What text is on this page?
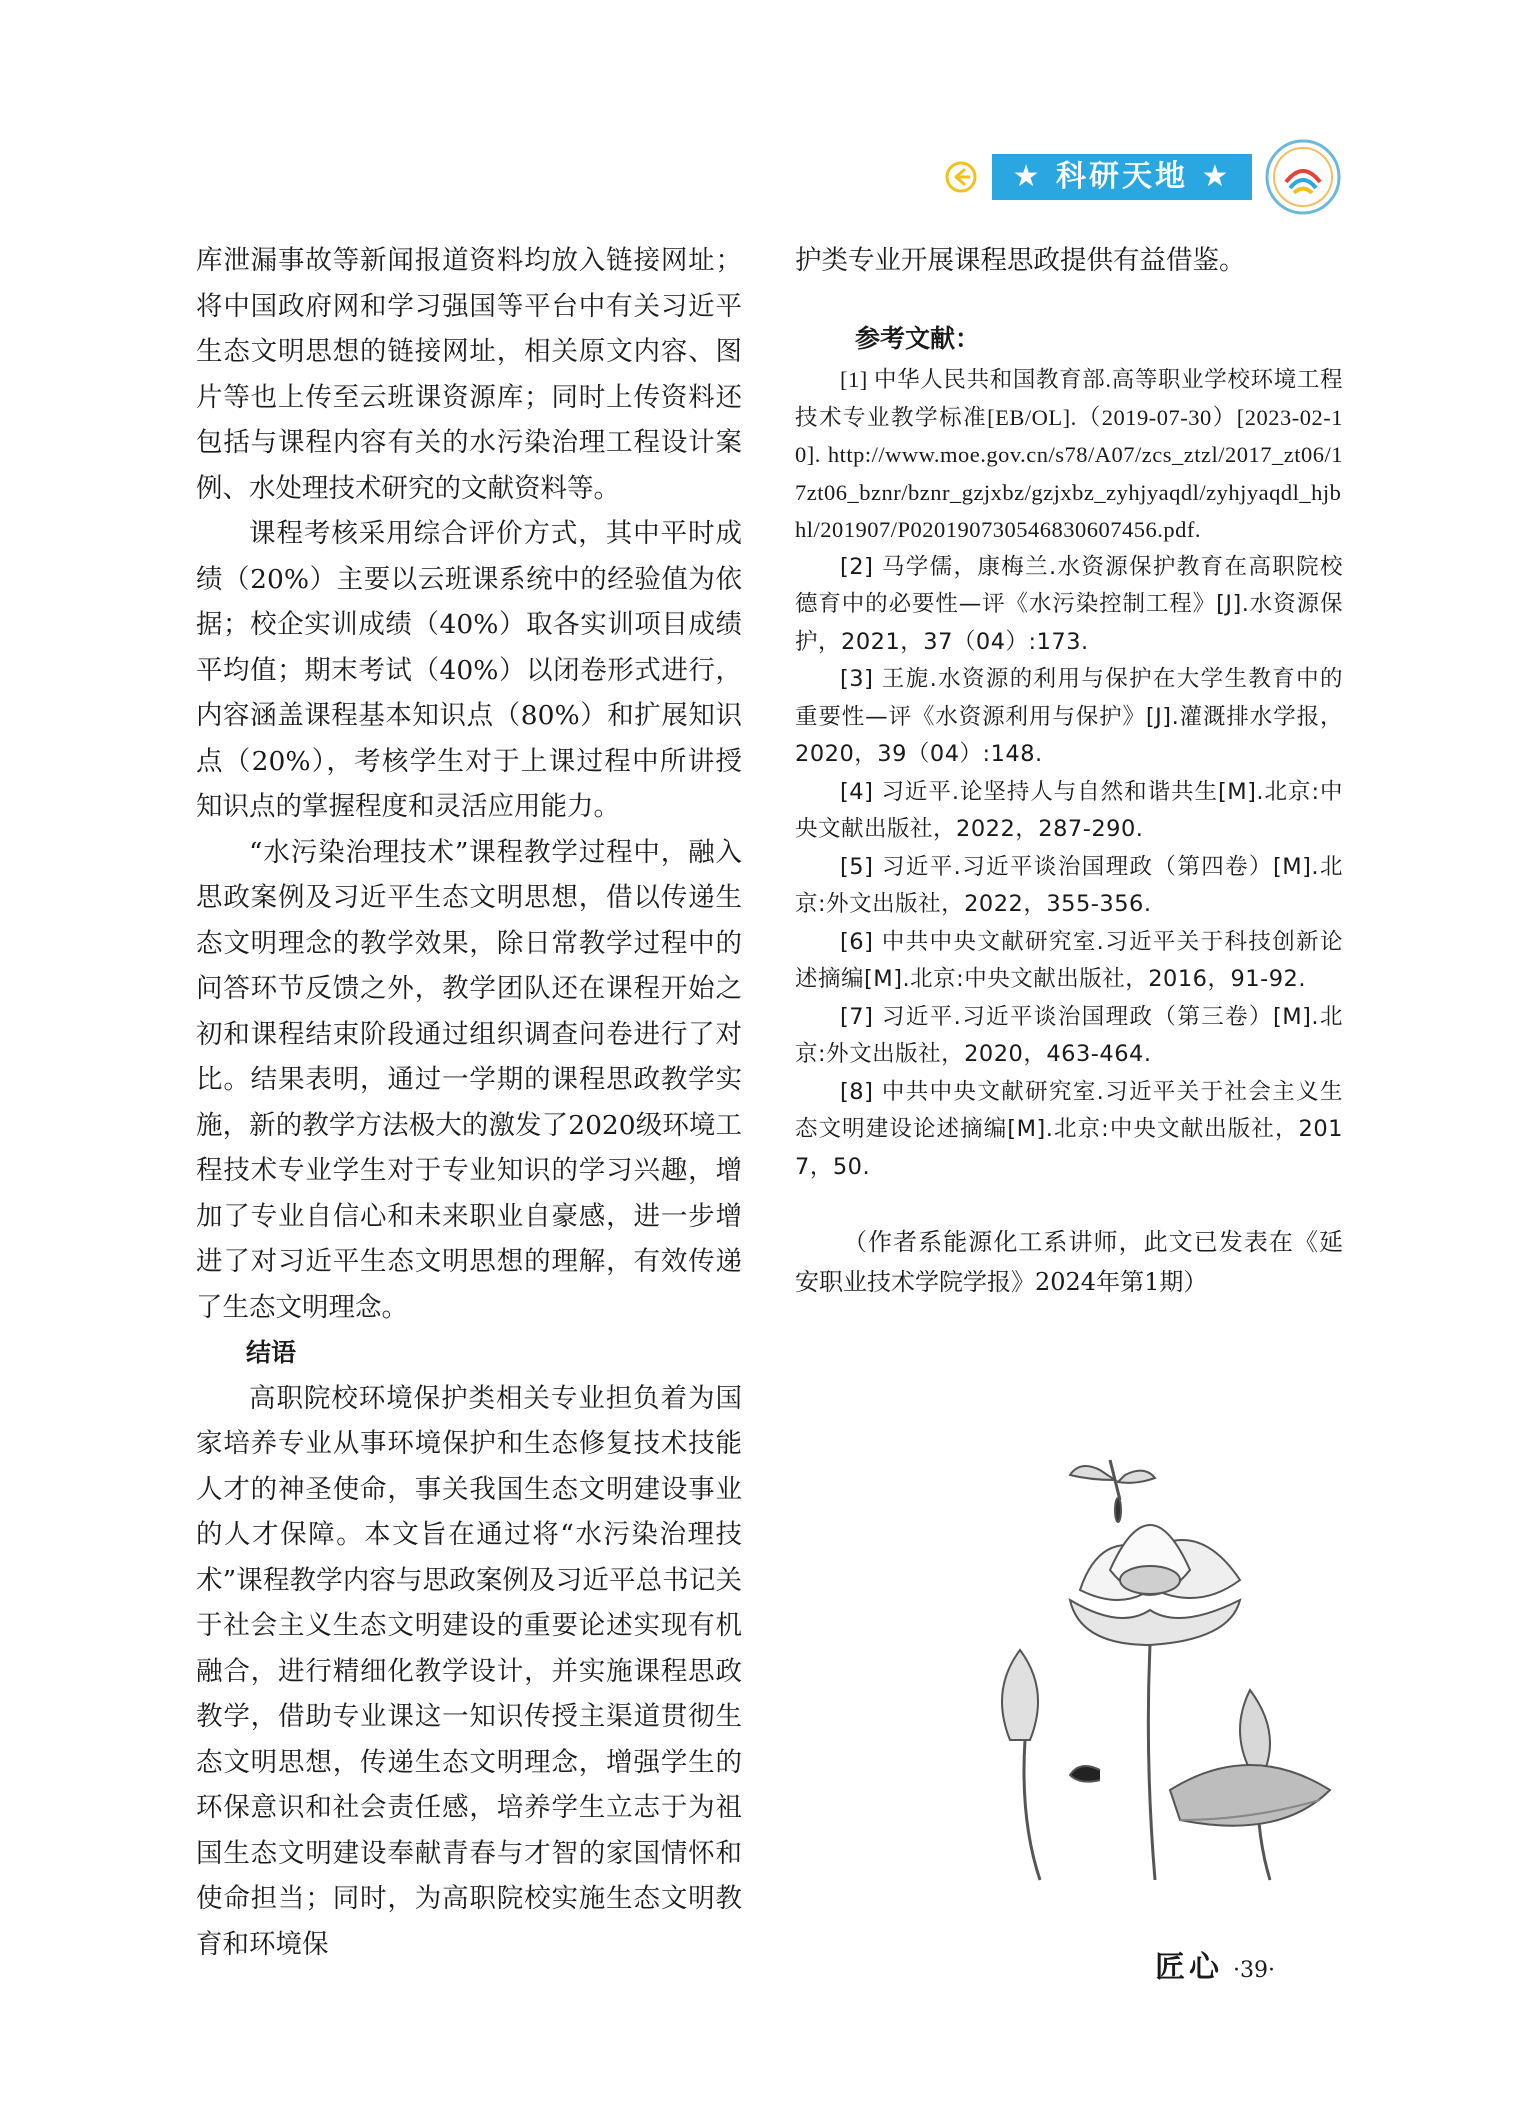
★ 科研天地 ★

库泄漏事故等新闻报道资料均放入链接网址；将中国政府网和学习强国等平台中有关习近平生态文明思想的链接网址，相关原文内容、图片等也上传至云班课资源库；同时上传资料还包括与课程内容有关的水污染治理工程设计案例、水处理技术研究的文献资料等。

课程考核采用综合评价方式，其中平时成绩（20%）主要以云班课系统中的经验值为依据；校企实训成绩（40%）取各实训项目成绩平均值；期末考试（40%）以闭卷形式进行，内容涵盖课程基本知识点（80%）和扩展知识点（20%），考核学生对于上课过程中所讲授知识点的掌握程度和灵活应用能力。

“水污染治理技术”课程教学过程中，融入思政案例及习近平生态文明思想，借以传递生态文明理念的教学效果，除日常教学过程中的问答环节反馈之外，教学团队还在课程开始之初和课程结束阶段通过组织调查问卷进行了对比。结果表明，通过一学期的课程思政教学实施，新的教学方法极大的激发了2020级环境工程技术专业学生对于专业知识的学习兴趣，增加了专业自信心和未来职业自豪感，进一步增进了对习近平生态文明思想的理解，有效传递了生态文明理念。

结语

高职院校环境保护类相关专业担负着为国家培养专业从事环境保护和生态修复技术技能人才的神圣使命，事关我国生态文明建设事业的人才保障。本文旨在通过将“水污染治理技术”课程教学内容与思政案例及习近平总书记关于社会主义生态文明建设的重要论述实现有机融合，进行精细化教学设计，并实施课程思政教学，借助专业课这一知识传授主渠道贯彻生态文明思想，传递生态文明理念，增强学生的环保意识和社会责任感，培养学生立志于为祖国生态文明建设奉献青春与才智的家国情怀和使命担当；同时，为高职院校实施生态文明教育和环境保

护类专业开展课程思政提供有益借鉴。

参考文献：

[1] 中华人民共和国教育部.高等职业学校环境工程技术专业教学标准[EB/OL].（2019-07-30）[2023-02-10]. http://www.moe.gov.cn/s78/A07/zcs_ztzl/2017_zt06/17zt06_bznr/bznr_gzjxbz/gzjxbz_zyhjyaqdl/zyhjyaqdl_hjbhl/201907/P020190730546830607456.pdf.

[2] 马学儒，康梅兰.水资源保护教育在高职院校德育中的必要性—评《水污染控制工程》[J].水资源保护，2021，37（04）:173.

[3] 王旎.水资源的利用与保护在大学生教育中的重要性—评《水资源利用与保护》[J].灌溉排水学报，2020，39（04）:148.

[4] 习近平.论坚持人与自然和谐共生[M].北京:中央文献出版社，2022，287-290.

[5] 习近平.习近平谈治国理政（第四卷）[M].北京:外文出版社，2022，355-356.

[6] 中共中央文献研究室.习近平关于科技创新论述摘编[M].北京:中央文献出版社，2016，91-92.

[7] 习近平.习近平谈治国理政（第三卷）[M].北京:外文出版社，2020，463-464.

[8] 中共中央文献研究室.习近平关于社会主义生态文明建设论述摘编[M].北京:中央文献出版社，2017，50.

（作者系能源化工系讲师，此文已发表在《延安职业技术学院学报》2024年第1期）

匠心 ·39·
